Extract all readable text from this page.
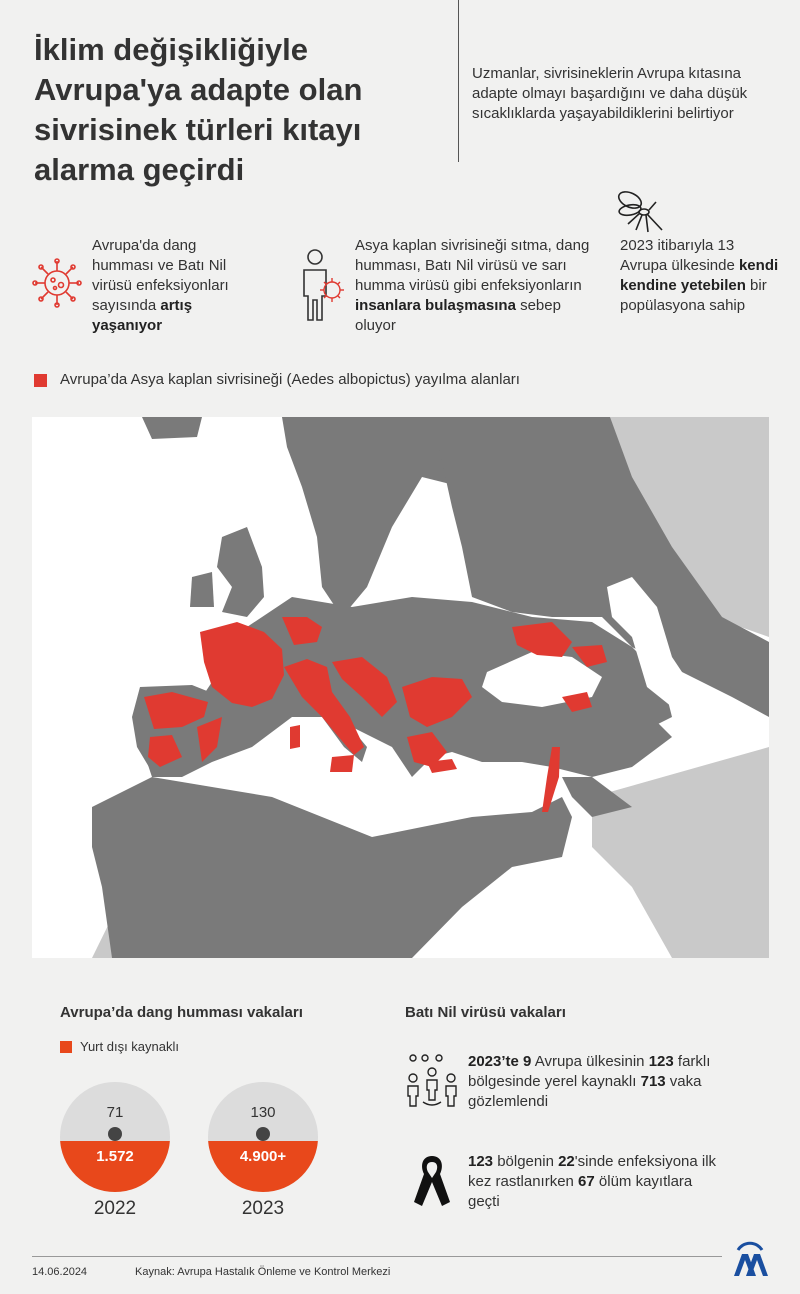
İklim değişikliğiyle Avrupa'ya adapte olan sivrisinek türleri kıtayı alarma geçirdi
Uzmanlar, sivrisineklerin Avrupa kıtasına adapte olmayı başardığını ve daha düşük sıcaklıklarda yaşayabildiklerini belirtiyor
Avrupa'da dang humması ve Batı Nil virüsü enfeksiyonları sayısında artış yaşanıyor
Asya kaplan sivrisineği sıtma, dang humması, Batı Nil virüsü ve sarı humma virüsü gibi enfeksiyonların insanlara bulaşmasına sebep oluyor
2023 itibarıyla 13 Avrupa ülkesinde kendi kendine yetebilen bir popülasyona sahip
Avrupa’da Asya kaplan sivrisineği (Aedes albopictus) yayılma alanları
Avrupa’da dang humması vakaları
Yurt dışı kaynaklı
71
1.572
2022
130
4.900+
2023
Batı Nil virüsü vakaları
2023’te 9 Avrupa ülkesinin 123 farklı bölgesinde yerel kaynaklı 713 vaka gözlemlendi
123 bölgenin 22'sinde enfeksiyona ilk kez rastlanırken 67 ölüm kayıtlara geçti
14.06.2024	Kaynak: Avrupa Hastalık Önleme ve Kontrol Merkezi
